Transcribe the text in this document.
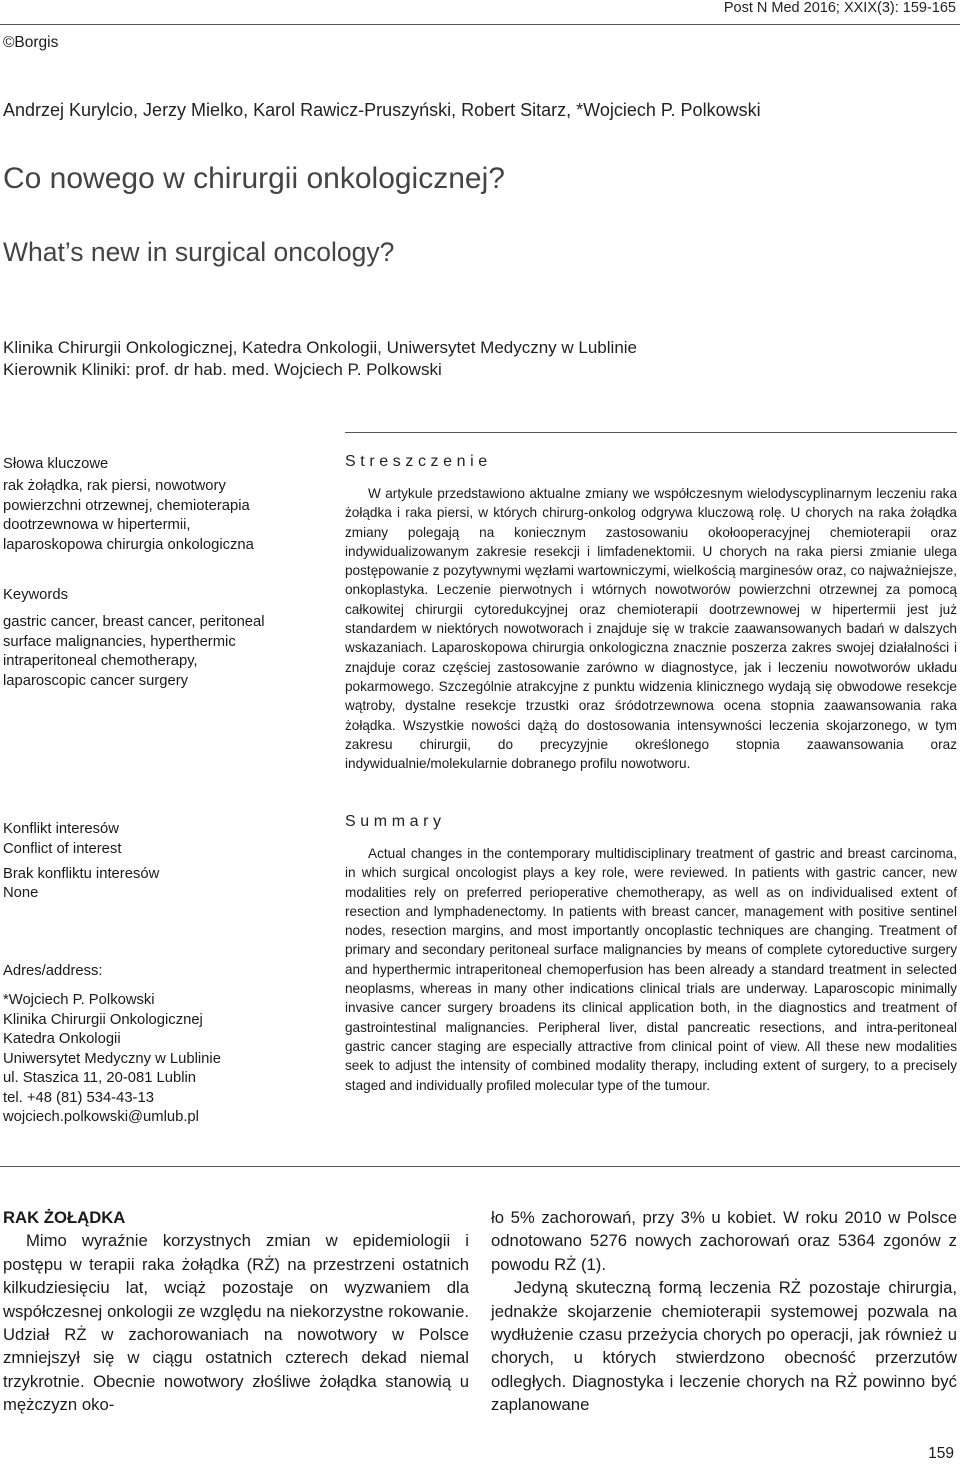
Post N Med 2016; XXIX(3): 159-165
©Borgis
Andrzej Kurylcio, Jerzy Mielko, Karol Rawicz-Pruszyński, Robert Sitarz, *Wojciech P. Polkowski
Co nowego w chirurgii onkologicznej?
What’s new in surgical oncology?
Klinika Chirurgii Onkologicznej, Katedra Onkologii, Uniwersytet Medyczny w Lublinie
Kierownik Kliniki: prof. dr hab. med. Wojciech P. Polkowski
Słowa kluczowe
rak żołądka, rak piersi, nowotwory
powierzchni otrzewnej, chemioterapia
dootrzewnowa w hipertermii,
laparoskopowa chirurgia onkologiczna
Keywords
gastric cancer, breast cancer, peritoneal
surface malignancies, hyperthermic
intraperitoneal chemotherapy,
laparoscopic cancer surgery
Konflikt interesów
Conflict of interest
Brak konfliktu interesów
None
Adres/address:
*Wojciech P. Polkowski
Klinika Chirurgii Onkologicznej
Katedra Onkologii
Uniwersytet Medyczny w Lublinie
ul. Staszica 11, 20-081 Lublin
tel. +48 (81) 534-43-13
wojciech.polkowski@umlub.pl
Streszczenie
W artykule przedstawiono aktualne zmiany we współczesnym wielodyscyplinarnym leczeniu raka żołądka i raka piersi, w których chirurg-onkolog odgrywa kluczową rolę. U chorych na raka żołądka zmiany polegają na koniecznym zastosowaniu okołooperacyjnej chemioterapii oraz indywidualizowanym zakresie resekcji i limfadenektomii. U chorych na raka piersi zmianie ulega postępowanie z pozytywnymi węzłami wartowniczymi, wielkością marginesów oraz, co najważniejsze, onkoplastyka. Leczenie pierwotnych i wtórnych nowotworów powierzchni otrzewnej za pomocą całkowitej chirurgii cytoredukcyjnej oraz chemioterapii dootrzewnowej w hipertermii jest już standardem w niektórych nowotworach i znajduje się w trakcie zaawansowanych badań w dalszych wskazaniach. Laparoskopowa chirurgia onkologiczna znacznie poszerza zakres swojej działalności i znajduje coraz częściej zastosowanie zarówno w diagnostyce, jak i leczeniu nowotworów układu pokarmowego. Szczególnie atrakcyjne z punktu widzenia klinicznego wydają się obwodowe resekcje wątroby, dystalne resekcje trzustki oraz śródotrzewnowa ocena stopnia zaawansowania raka żołądka. Wszystkie nowości dążą do dostosowania intensywności leczenia skojarzonego, w tym zakresu chirurgii, do precyzyjnie określonego stopnia zaawansowania oraz indywidualnie/molekularnie dobranego profilu nowotworu.
Summary
Actual changes in the contemporary multidisciplinary treatment of gastric and breast carcinoma, in which surgical oncologist plays a key role, were reviewed. In patients with gastric cancer, new modalities rely on preferred perioperative chemotherapy, as well as on individualised extent of resection and lymphadenectomy. In patients with breast cancer, management with positive sentinel nodes, resection margins, and most importantly oncoplastic techniques are changing. Treatment of primary and secondary peritoneal surface malignancies by means of complete cytoreductive surgery and hyperthermic intraperitoneal chemoperfusion has been already a standard treatment in selected neoplasms, whereas in many other indications clinical trials are underway. Laparoscopic minimally invasive cancer surgery broadens its clinical application both, in the diagnostics and treatment of gastrointestinal malignancies. Peripheral liver, distal pancreatic resections, and intra-peritoneal gastric cancer staging are especially attractive from clinical point of view. All these new modalities seek to adjust the intensity of combined modality therapy, including extent of surgery, to a precisely staged and individually profiled molecular type of the tumour.
RAK ŻOŁĄDKA
Mimo wyraźnie korzystnych zmian w epidemiologii i postępu w terapii raka żołądka (RŻ) na przestrzeni ostatnich kilkudziesięciu lat, wciąż pozostaje on wyzwaniem dla współczesnej onkologii ze względu na niekorzystne rokowanie. Udział RŻ w zachorowaniach na nowotwory w Polsce zmniejszył się w ciągu ostatnich czterech dekad niemal trzykrotnie. Obecnie nowotwory złośliwe żołądka stanowią u mężczyzn oko-
ło 5% zachorowań, przy 3% u kobiet. W roku 2010 w Polsce odnotowano 5276 nowych zachorowań oraz 5364 zgonów z powodu RŻ (1).
Jedyną skuteczną formą leczenia RŻ pozostaje chirurgia, jednakże skojarzenie chemioterapii systemowej pozwala na wydłużenie czasu przeżycia chorych po operacji, jak również u chorych, u których stwierdzono obecność przerzutów odległych. Diagnostyka i leczenie chorych na RŻ powinno być zaplanowane
159
